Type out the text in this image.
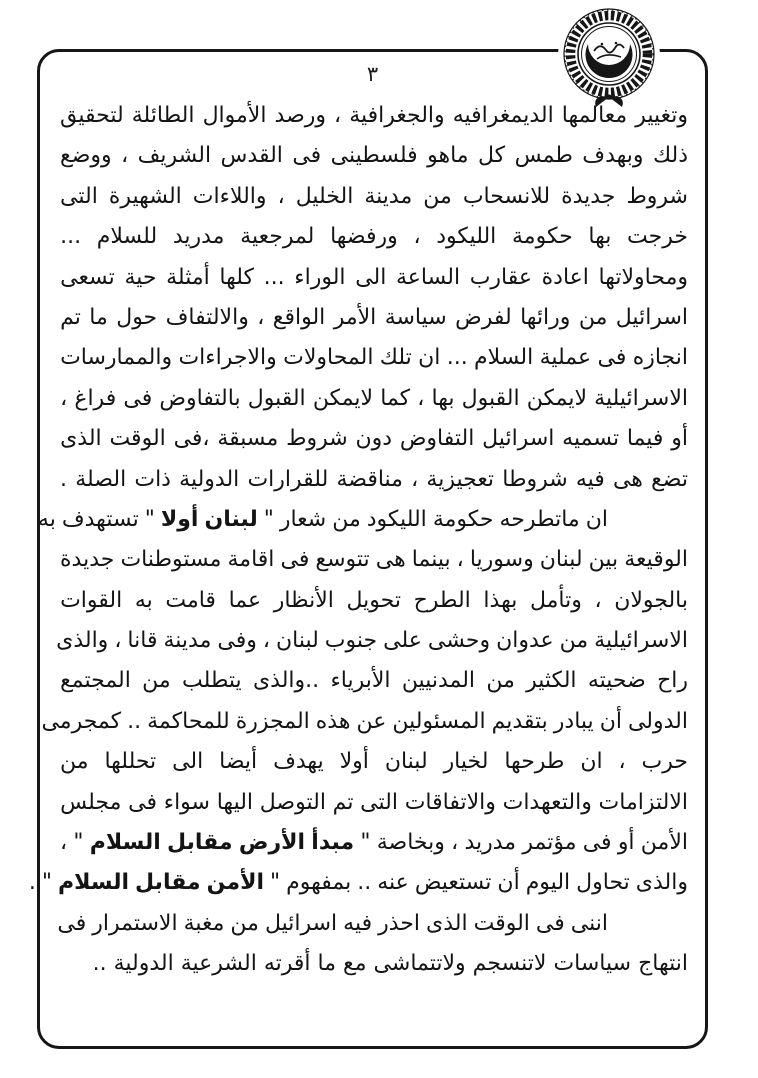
٣
وتغيير
معالمها
الديمغرافيه
والجغرافية
،
ورصد
الأموال
الطائلة
لتحقيق
ذلك
وبهدف
طمس
كل
ماهو
فلسطينى
فى
القدس
الشريف
،
ووضع
شروط
جديدة
للانسحاب
من
مدينة
الخليل
،
واللاءات
الشهيرة
التى
خرجت
بها
حكومة
الليكود
،
ورفضها
لمرجعية
مدريد
للسلام
...
ومحاولاتها
اعادة
عقارب
الساعة
الى
الوراء
...
كلها
أمثلة
حية
تسعى
اسرائيل
من
ورائها
لفرض
سياسة
الأمر
الواقع
،
والالتفاف
حول
ما
تم
انجازه
فى
عملية
السلام
...
ان
تلك
المحاولات
والاجراءات
والممارسات
الاسرائيلية
لايمكن
القبول
بها
،
كما
لايمكن
القبول
بالتفاوض
فى
فراغ
،
أو
فيما
تسميه
اسرائيل
التفاوض
دون
شروط
مسبقة
،فى
الوقت
الذى
تضع
هى
فيه
شروطا
تعجيزية
،
مناقضة
للقرارات
الدولية
ذات
الصلة
.
ان
ماتطرحه
حكومة
الليكود
من
شعار
"
لبنان
أولا
"
تستهدف
به
الوقيعة
بين
لبنان
وسوريا
،
بينما
هى
تتوسع
فى
اقامة
مستوطنات
جديدة
بالجولان
،
وتأمل
بهذا
الطرح
تحويل
الأنظار
عما
قامت
به
القوات
الاسرائيلية
من
عدوان
وحشى
على
جنوب
لبنان
،
وفى
مدينة
قانا
،
والذى
راح
ضحيته
الكثير
من
المدنيين
الأبرياء
..والذى
يتطلب
من
المجتمع
الدولى
أن
يبادر
بتقديم
المسئولين
عن
هذه
المجزرة
للمحاكمة
..
كمجرمى
حرب
،
ان
طرحها
لخيار
لبنان
أولا
يهدف
أيضا
الى
تحللها
من
الالتزامات
والتعهدات
والاتفاقات
التى
تم
التوصل
اليها
سواء
فى
مجلس
الأمن
أو
فى
مؤتمر
مدريد
،
وبخاصة
"
مبدأ
الأرض
مقابل
السلام
"
،
والذى
تحاول
اليوم
أن
تستعيض
عنه
..
بمفهوم
"
الأمن
مقابل
السلام
"
.
اننى
فى
الوقت
الذى
احذر
فيه
اسرائيل
من
مغبة
الاستمرار
فى
انتهاج
سياسات
لاتنسجم
ولاتتماشى
مع
ما
أقرته
الشرعية
الدولية
..
